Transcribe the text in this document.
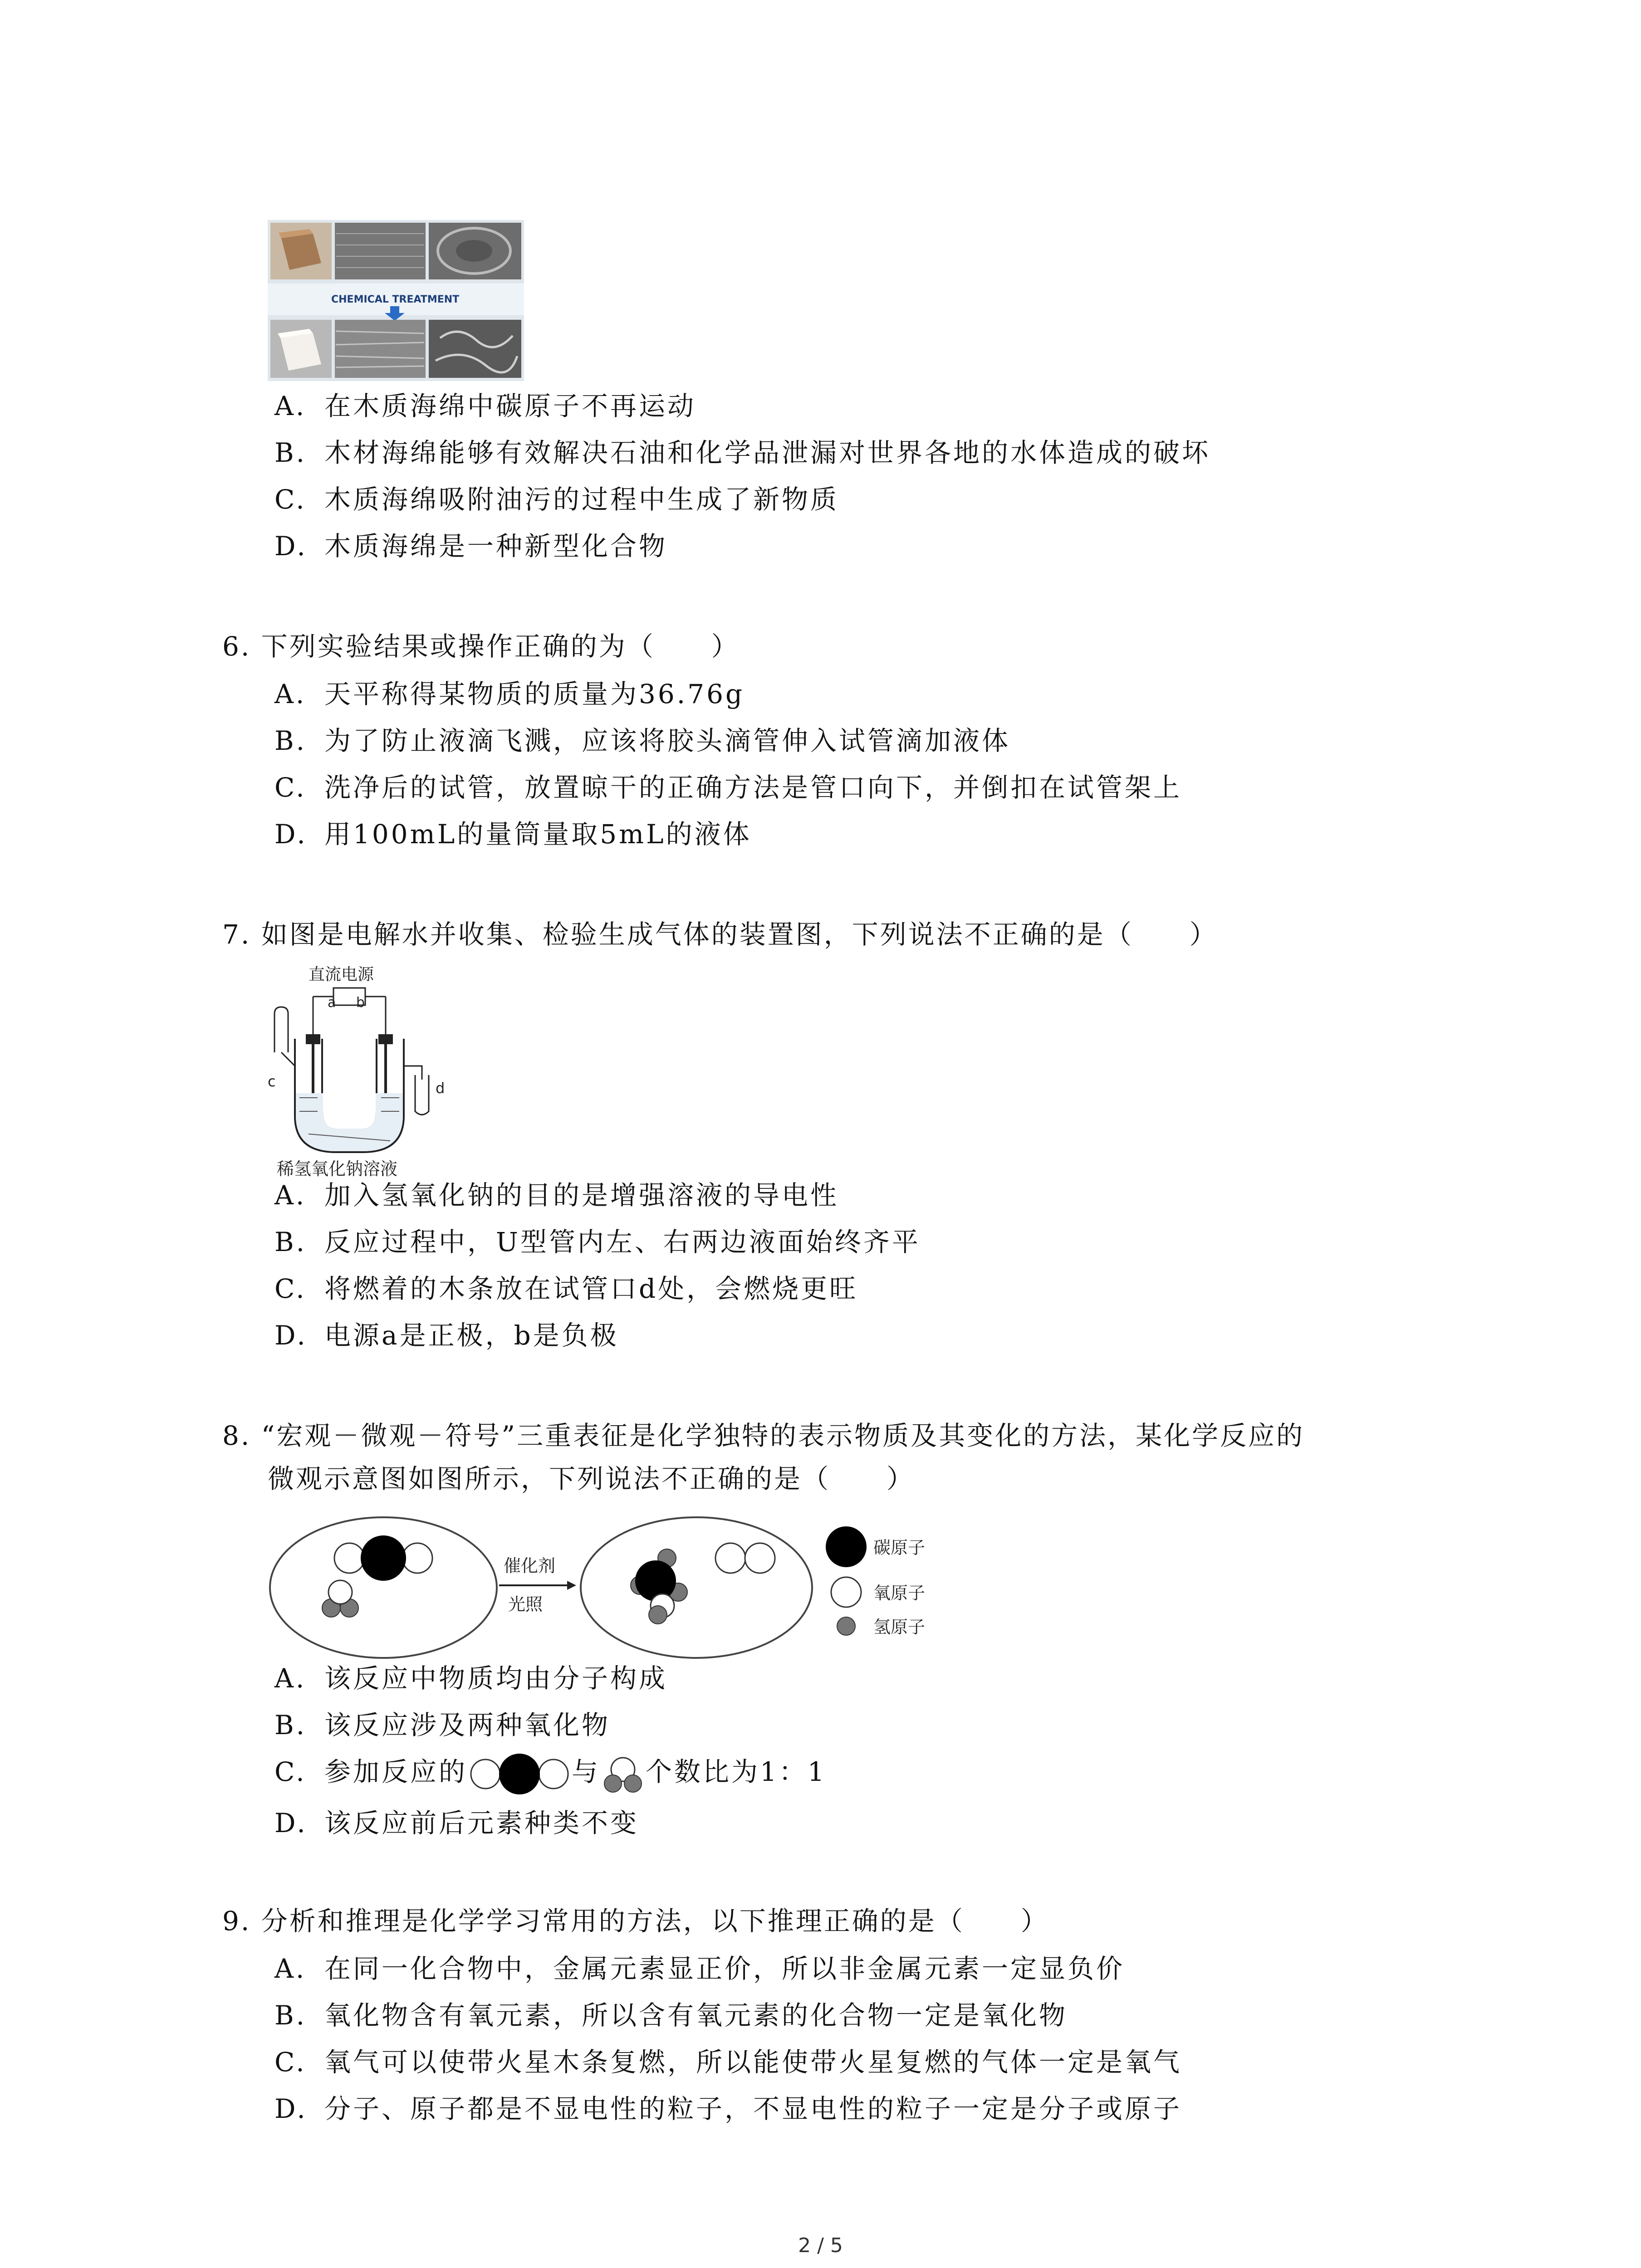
CHEMICAL TREATMENT
A. 在木质海绵中碳原子不再运动
B. 木材海绵能够有效解决石油和化学品泄漏对世界各地的水体造成的破坏
C. 木质海绵吸附油污的过程中生成了新物质
D. 木质海绵是一种新型化合物
6. 下列实验结果或操作正确的为（　　）
A. 天平称得某物质的质量为36.76g
B. 为了防止液滴飞溅，应该将胶头滴管伸入试管滴加液体
C. 洗净后的试管，放置晾干的正确方法是管口向下，并倒扣在试管架上
D. 用100mL的量筒量取5mL的液体
7. 如图是电解水并收集、检验生成气体的装置图，下列说法不正确的是（　　）
直流电源
a b
c	d
稀氢氧化钠溶液
A. 加入氢氧化钠的目的是增强溶液的导电性
B. 反应过程中，U型管内左、右两边液面始终齐平
C. 将燃着的木条放在试管口d处，会燃烧更旺
D. 电源a是正极，b是负极
8. “宏观－微观－符号”三重表征是化学独特的表示物质及其变化的方法，某化学反应的
微观示意图如图所示，下列说法不正确的是（　　）
催化剂
光照
碳原子
氧原子
氢原子
A. 该反应中物质均由分子构成
B. 该反应涉及两种氧化物
C. 参加反应的	与 个数比为1：1
D. 该反应前后元素种类不变
9. 分析和推理是化学学习常用的方法，以下推理正确的是（　　）
A. 在同一化合物中，金属元素显正价，所以非金属元素一定显负价
B. 氧化物含有氧元素，所以含有氧元素的化合物一定是氧化物
C. 氧气可以使带火星木条复燃，所以能使带火星复燃的气体一定是氧气
D. 分子、原子都是不显电性的粒子，不显电性的粒子一定是分子或原子
2 / 5
